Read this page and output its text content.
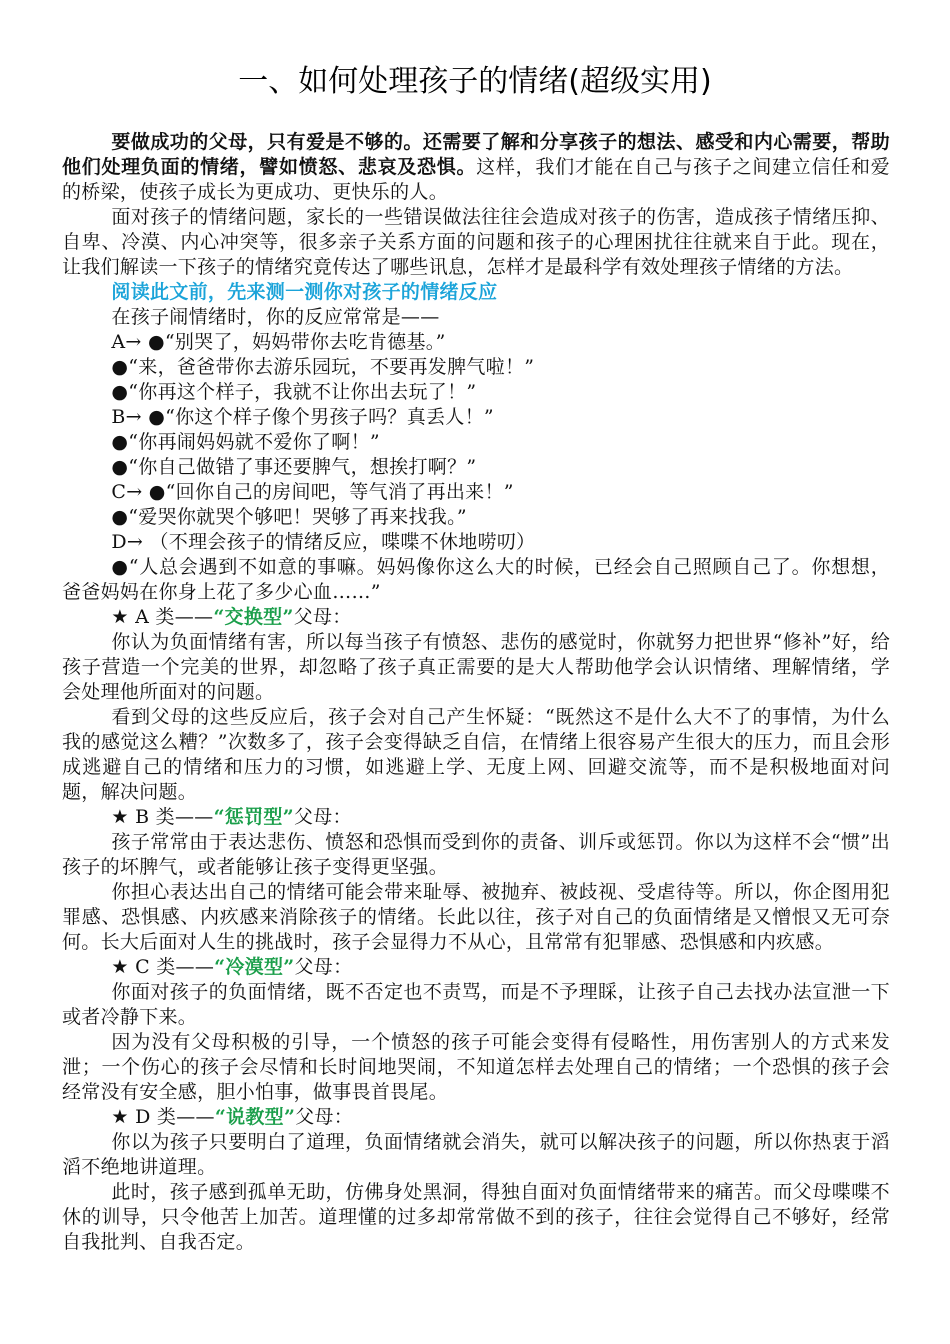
一、如何处理孩子的情绪(超级实用)

要做成功的父母，只有爱是不够的。还需要了解和分享孩子的想法、感受和内心需要，帮助他们处理负面的情绪，譬如愤怒、悲哀及恐惧。这样，我们才能在自己与孩子之间建立信任和爱的桥梁，使孩子成长为更成功、更快乐的人。

面对孩子的情绪问题，家长的一些错误做法往往会造成对孩子的伤害，造成孩子情绪压抑、自卑、冷漠、内心冲突等，很多亲子关系方面的问题和孩子的心理困扰往往就来自于此。现在，让我们解读一下孩子的情绪究竟传达了哪些讯息，怎样才是最科学有效处理孩子情绪的方法。

阅读此文前，先来测一测你对孩子的情绪反应

在孩子闹情绪时，你的反应常常是——

A→ ●“别哭了，妈妈带你去吃肯德基。”

●“来，爸爸带你去游乐园玩，不要再发脾气啦！”

●“你再这个样子，我就不让你出去玩了！”

B→ ●“你这个样子像个男孩子吗？真丢人！”

●“你再闹妈妈就不爱你了啊！”

●“你自己做错了事还要脾气，想挨打啊？”

C→ ●“回你自己的房间吧，等气消了再出来！”

●“爱哭你就哭个够吧！哭够了再来找我。”

D→ （不理会孩子的情绪反应，喋喋不休地唠叨）

●“人总会遇到不如意的事嘛。妈妈像你这么大的时候，已经会自己照顾自己了。你想想，爸爸妈妈在你身上花了多少心血……”

★ A 类——“交换型”父母：

你认为负面情绪有害，所以每当孩子有愤怒、悲伤的感觉时，你就努力把世界“修补”好，给孩子营造一个完美的世界，却忽略了孩子真正需要的是大人帮助他学会认识情绪、理解情绪，学会处理他所面对的问题。

看到父母的这些反应后，孩子会对自己产生怀疑：“既然这不是什么大不了的事情，为什么我的感觉这么糟？”次数多了，孩子会变得缺乏自信，在情绪上很容易产生很大的压力，而且会形成逃避自己的情绪和压力的习惯，如逃避上学、无度上网、回避交流等，而不是积极地面对问题，解决问题。

★ B 类——“惩罚型”父母：

孩子常常由于表达悲伤、愤怒和恐惧而受到你的责备、训斥或惩罚。你以为这样不会“惯”出孩子的坏脾气，或者能够让孩子变得更坚强。

你担心表达出自己的情绪可能会带来耻辱、被抛弃、被歧视、受虐待等。所以，你企图用犯罪感、恐惧感、内疚感来消除孩子的情绪。长此以往，孩子对自己的负面情绪是又憎恨又无可奈何。长大后面对人生的挑战时，孩子会显得力不从心，且常常有犯罪感、恐惧感和内疚感。

★ C 类——“冷漠型”父母：

你面对孩子的负面情绪，既不否定也不责骂，而是不予理睬，让孩子自己去找办法宣泄一下或者冷静下来。

因为没有父母积极的引导，一个愤怒的孩子可能会变得有侵略性，用伤害别人的方式来发泄；一个伤心的孩子会尽情和长时间地哭闹，不知道怎样去处理自己的情绪；一个恐惧的孩子会经常没有安全感，胆小怕事，做事畏首畏尾。

★ D 类——“说教型”父母：

你以为孩子只要明白了道理，负面情绪就会消失，就可以解决孩子的问题，所以你热衷于滔滔不绝地讲道理。

此时，孩子感到孤单无助，仿佛身处黑洞，得独自面对负面情绪带来的痛苦。而父母喋喋不休的训导，只令他苦上加苦。道理懂的过多却常常做不到的孩子，往往会觉得自己不够好，经常自我批判、自我否定。
